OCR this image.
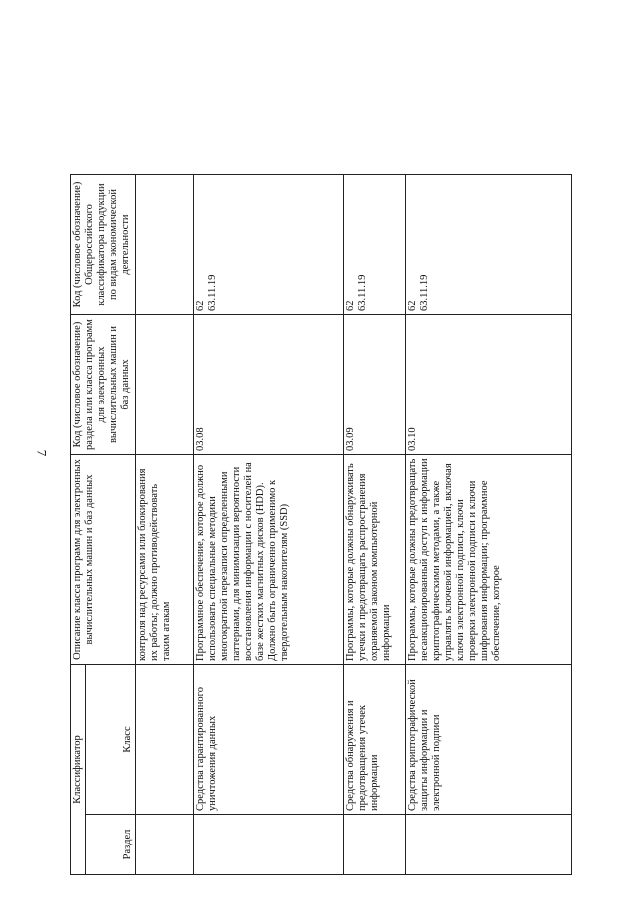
7
Классификатор		Описание класса программ для электронных вычислительных машин и баз данных	Код (числовое обозначение) раздела или класса программ для электронных вычислительных машин и баз данных	Код (числовое обозначение) Общероссийского классификатора продукции по видам экономической деятельности
Раздел	Класс			
		контроля над ресурсами или блокирования их работы; должно противодействовать таким атакам		
	Средства гарантированного уничтожения данных	Программное обеспечение, которое должно использовать специальные методики многократной перезаписи определенными паттернами, для минимизации вероятности восстановления информации с носителей на базе жестких магнитных дисков (HDD). Должно быть ограниченно применимо к твердотельным накопителям (SSD)	03.08	62
63.11.19
	Средства обнаружения и предотвращения утечек информации	Программы, которые должны обнаруживать утечки и предотвращать распространения охраняемой законом компьютерной информации	03.09	62
63.11.19
	Средства криптографической защиты информации и электронной подписи	Программы, которые должны предотвращать несанкционированный доступ к информации криптографическими методами, а также управлять ключевой информацией, включая ключи электронной подписи, ключи проверки электронной подписи и ключи шифрования информации; программное обеспечение, которое	03.10	62
63.11.19
